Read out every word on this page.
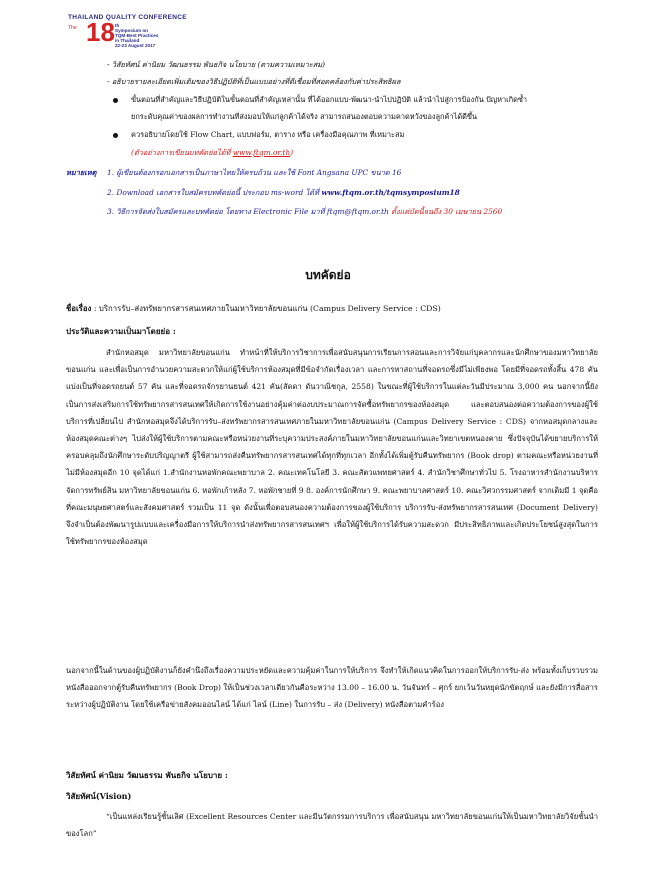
THAILAND QUALITY CONFERENCE
The 18 th
Symposium on
TQM-Best Practices
in Thailand
22-23 August 2017
- วิสัยทัศน์ ค่านิยม วัฒนธรรม พันธกิจ นโยบาย (ตามความเหมาะสม)
- อธิบายรายละเอียดเพิ่มเติมของวิธีปฏิบัติที่เป็นแบบอย่างที่ดีเชื่อมที่สอดคล้องกับค่าประสิทธิผล
ขั้นตอนที่สำคัญและวิธีปฏิบัติในขั้นตอนที่สำคัญเหล่านั้น ที่ได้ออกแบบ-พัฒนา-นำไปปฏิบัติ แล้วนำไปสู่การป้องกัน ปัญหาเกิดซ้ำ
ยกระดับคุณค่าของผลการทำงานที่ส่งมอบให้แก่ลูกค้าได้จริง สามารถสนองตอบความคาดหวังของลูกค้าได้ดีขึ้น
ควรอธิบายโดยใช้ Flow Chart, แบบฟอร์ม, ตาราง หรือ เครื่องมือคุณภาพ ที่เหมาะสม
(ตัวอย่างการเขียนบทคัดย่อได้ที่ www.ftqm.or.th)
หมายเหตุ 1. ผู้เขียนต้องกรอกเอกสารเป็นภาษาไทยให้ครบถ้วน และใช้ Font Angsana UPC ขนาด 16
2. Download เอกสารใบสมัครบทคัดย่อนี้ ประกอบ ms-word ได้ที่ www.ftqm.or.th/tqmsymposium18
3. วิธีการจัดส่งใบสมัครและบทคัดย่อ โดยทาง Electronic File มาที่ ftqm@ftqm.or.th ตั้งแต่บัดนี้จนถึง 30 เมษายน 2560
บทคัดย่อ
ชื่อเรื่อง : บริการรับ–ส่งทรัพยากรสารสนเทศภายในมหาวิทยาลัยขอนแก่น (Campus Delivery Service : CDS)
ประวัติและความเป็นมาโดยย่อ :
สำนักหอสมุด มหาวิทยาลัยขอนแก่น ทำหน้าที่ให้บริการวิชาการเพื่อสนับสนุนการเรียนการสอนและการวิจัยแก่บุคลากรและนักศึกษาของมหาวิทยาลัยขอนแก่น และเพื่อเป็นการอำนวยความสะดวกให้แก่ผู้ใช้บริการห้องสมุดที่มีข้อจำกัดเรื่องเวลา และการหาสถานที่จอดรถซึ่งมีไม่เพียงพอ โดยมีที่จอดรถทั้งสิ้น 478 คัน แบ่งเป็นที่จอดรถยนต์ 57 คัน และที่จอดรถจักรยานยนต์ 421 คัน(สัดดา ดันวาณิชกุล, 2558) ในขณะที่ผู้ใช้บริการในแต่ละวันมีประมาณ 3,000 คน นอกจากนี้ยังเป็นการส่งเสริมการใช้ทรัพยากรสารสนเทศให้เกิดการใช้งานอย่างคุ้มค่าต่องบประมาณการจัดซื้อทรัพยากรของห้องสมุด และตอบสนองต่อความต้องการของผู้ใช้บริการที่เปลี่ยนไป สำนักหอสมุดจึงได้บริการรับ–ส่งทรัพยากรสารสนเทศภายในมหาวิทยาลัยขอนแก่น (Campus Delivery Service : CDS) จากหอสมุดกลางและห้องสมุดคณะต่างๆ ไปส่งให้ผู้ใช้บริการตามคณะหรือหน่วยงานที่ระบุความประสงค์ภายในมหาวิทยาลัยขอนแก่นและวิทยาเขตหนองคาย ซึ่งปัจจุบันได้ขยายบริการให้ครอบคลุมถึงนักศึกษาระดับปริญญาตรี ผู้ใช้สามารถส่งคืนทรัพยากรสารสนเทศได้ทุกที่ทุกเวลา อีกทั้งได้เพิ่มตู้รับคืนทรัพยากร (Book drop) ตามคณะหรือหน่วยงานที่ไม่มีห้องสมุดอีก 10 จุดได้แก่ 1.สำนักงานหอพักคณะพยาบาล 2. คณะเทคโนโลยี 3. คณะสัตวแพทยศาสตร์ 4. สำนักวิชาศึกษาทั่วไป 5. โรงอาหารสำนักงานบริหารจัดการทรัพย์สิน มหาวิทยาลัยขอนแก่น 6. หอพักเก้าหลัง 7. หอพักชายที่ 9 8. องค์การนักศึกษา 9. คณะพยาบาลศาสตร์ 10. คณะวิศวกรรมศาสตร์ จากเดิมมี 1 จุดคือที่คณะมนุษยศาสตร์และสังคมศาสตร์ รวมเป็น 11 จุด ดังนั้นเพื่อตอบสนองความต้องการของผู้ใช้บริการ บริการรับ-ส่งทรัพยากรสารสนเทศ (Document Delivery) จึงจำเป็นต้องพัฒนารูปแบบและเครื่องมือการให้บริการนำส่งทรัพยากรสารสนเทศฯ เพื่อให้ผู้ใช้บริการได้รับความสะดวก มีประสิทธิภาพและเกิดประโยชน์สูงสุดในการใช้ทรัพยากรของห้องสมุด
นอกจากนี้ในด้านของผู้ปฏิบัติงานก็ยังคำนึงถึงเรื่องความประหยัดและความคุ้มค่าในการให้บริการ จึงทำให้เกิดแนวคิดในการออกให้บริการรับ-ส่ง พร้อมทั้งเก็บรวบรวมหนังสือออกจากตู้รับคืนทรัพยากร (Book Drop) ให้เป็นช่วงเวลาเดียวกันคือระหว่าง 13.00 – 16.00 น. วันจันทร์ – ศุกร์ ยกเว้นวันหยุดนักขัตฤกษ์ และยังมีการสื่อสารระหว่างผู้ปฏิบัติงาน โดยใช้เครือข่ายสังคมออนไลน์ ได้แก่ ไลน์ (Line) ในการรับ – ส่ง (Delivery) หนังสือตามคำร้อง
วิสัยทัศน์ ค่านิยม วัฒนธรรม พันธกิจ นโยบาย :
วิสัยทัศน์(Vision)
“เป็นแหล่งเรียนรู้ชั้นเลิศ (Excellent Resources Center และมีนวัตกรรมการบริการ เพื่อสนับสนุน มหาวิทยาลัยขอนแก่นให้เป็นมหาวิทยาลัยวิจัยชั้นนำของโลก”
